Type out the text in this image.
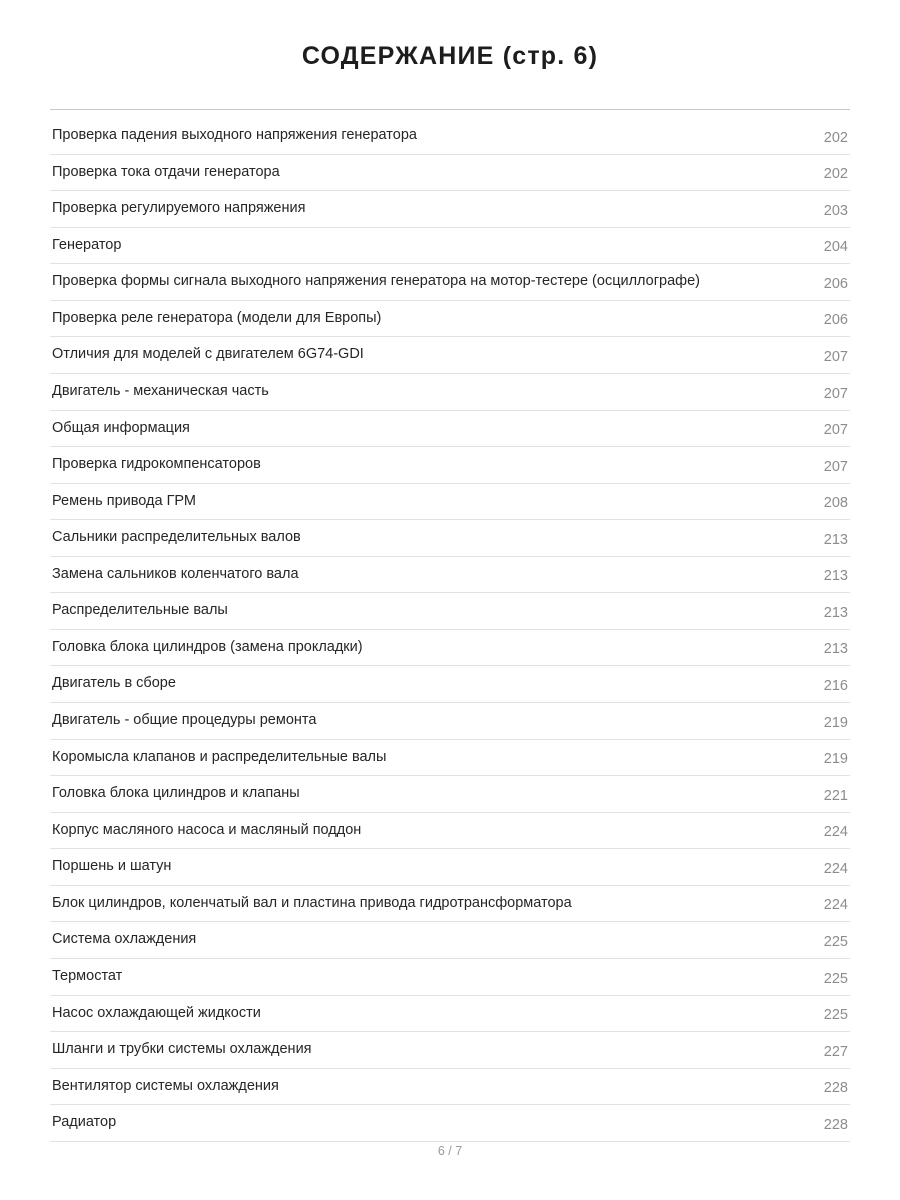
СОДЕРЖАНИЕ (стр. 6)
Проверка падения выходного напряжения генератора	202
Проверка тока отдачи генератора	202
Проверка регулируемого напряжения	203
Генератор	204
Проверка формы сигнала выходного напряжения генератора на мотор-тестере (осциллографе)	206
Проверка реле генератора (модели для Европы)	206
Отличия для моделей с двигателем 6G74-GDI	207
Двигатель - механическая часть	207
Общая информация	207
Проверка гидрокомпенсаторов	207
Ремень привода ГРМ	208
Сальники распределительных валов	213
Замена сальников коленчатого вала	213
Распределительные валы	213
Головка блока цилиндров (замена прокладки)	213
Двигатель в сборе	216
Двигатель - общие процедуры ремонта	219
Коромысла клапанов и распределительные валы	219
Головка блока цилиндров и клапаны	221
Корпус масляного насоса и масляный поддон	224
Поршень и шатун	224
Блок цилиндров, коленчатый вал и пластина привода гидротрансформатора	224
Система охлаждения	225
Термостат	225
Насос охлаждающей жидкости	225
Шланги и трубки системы охлаждения	227
Вентилятор системы охлаждения	228
Радиатор	228
6 / 7
